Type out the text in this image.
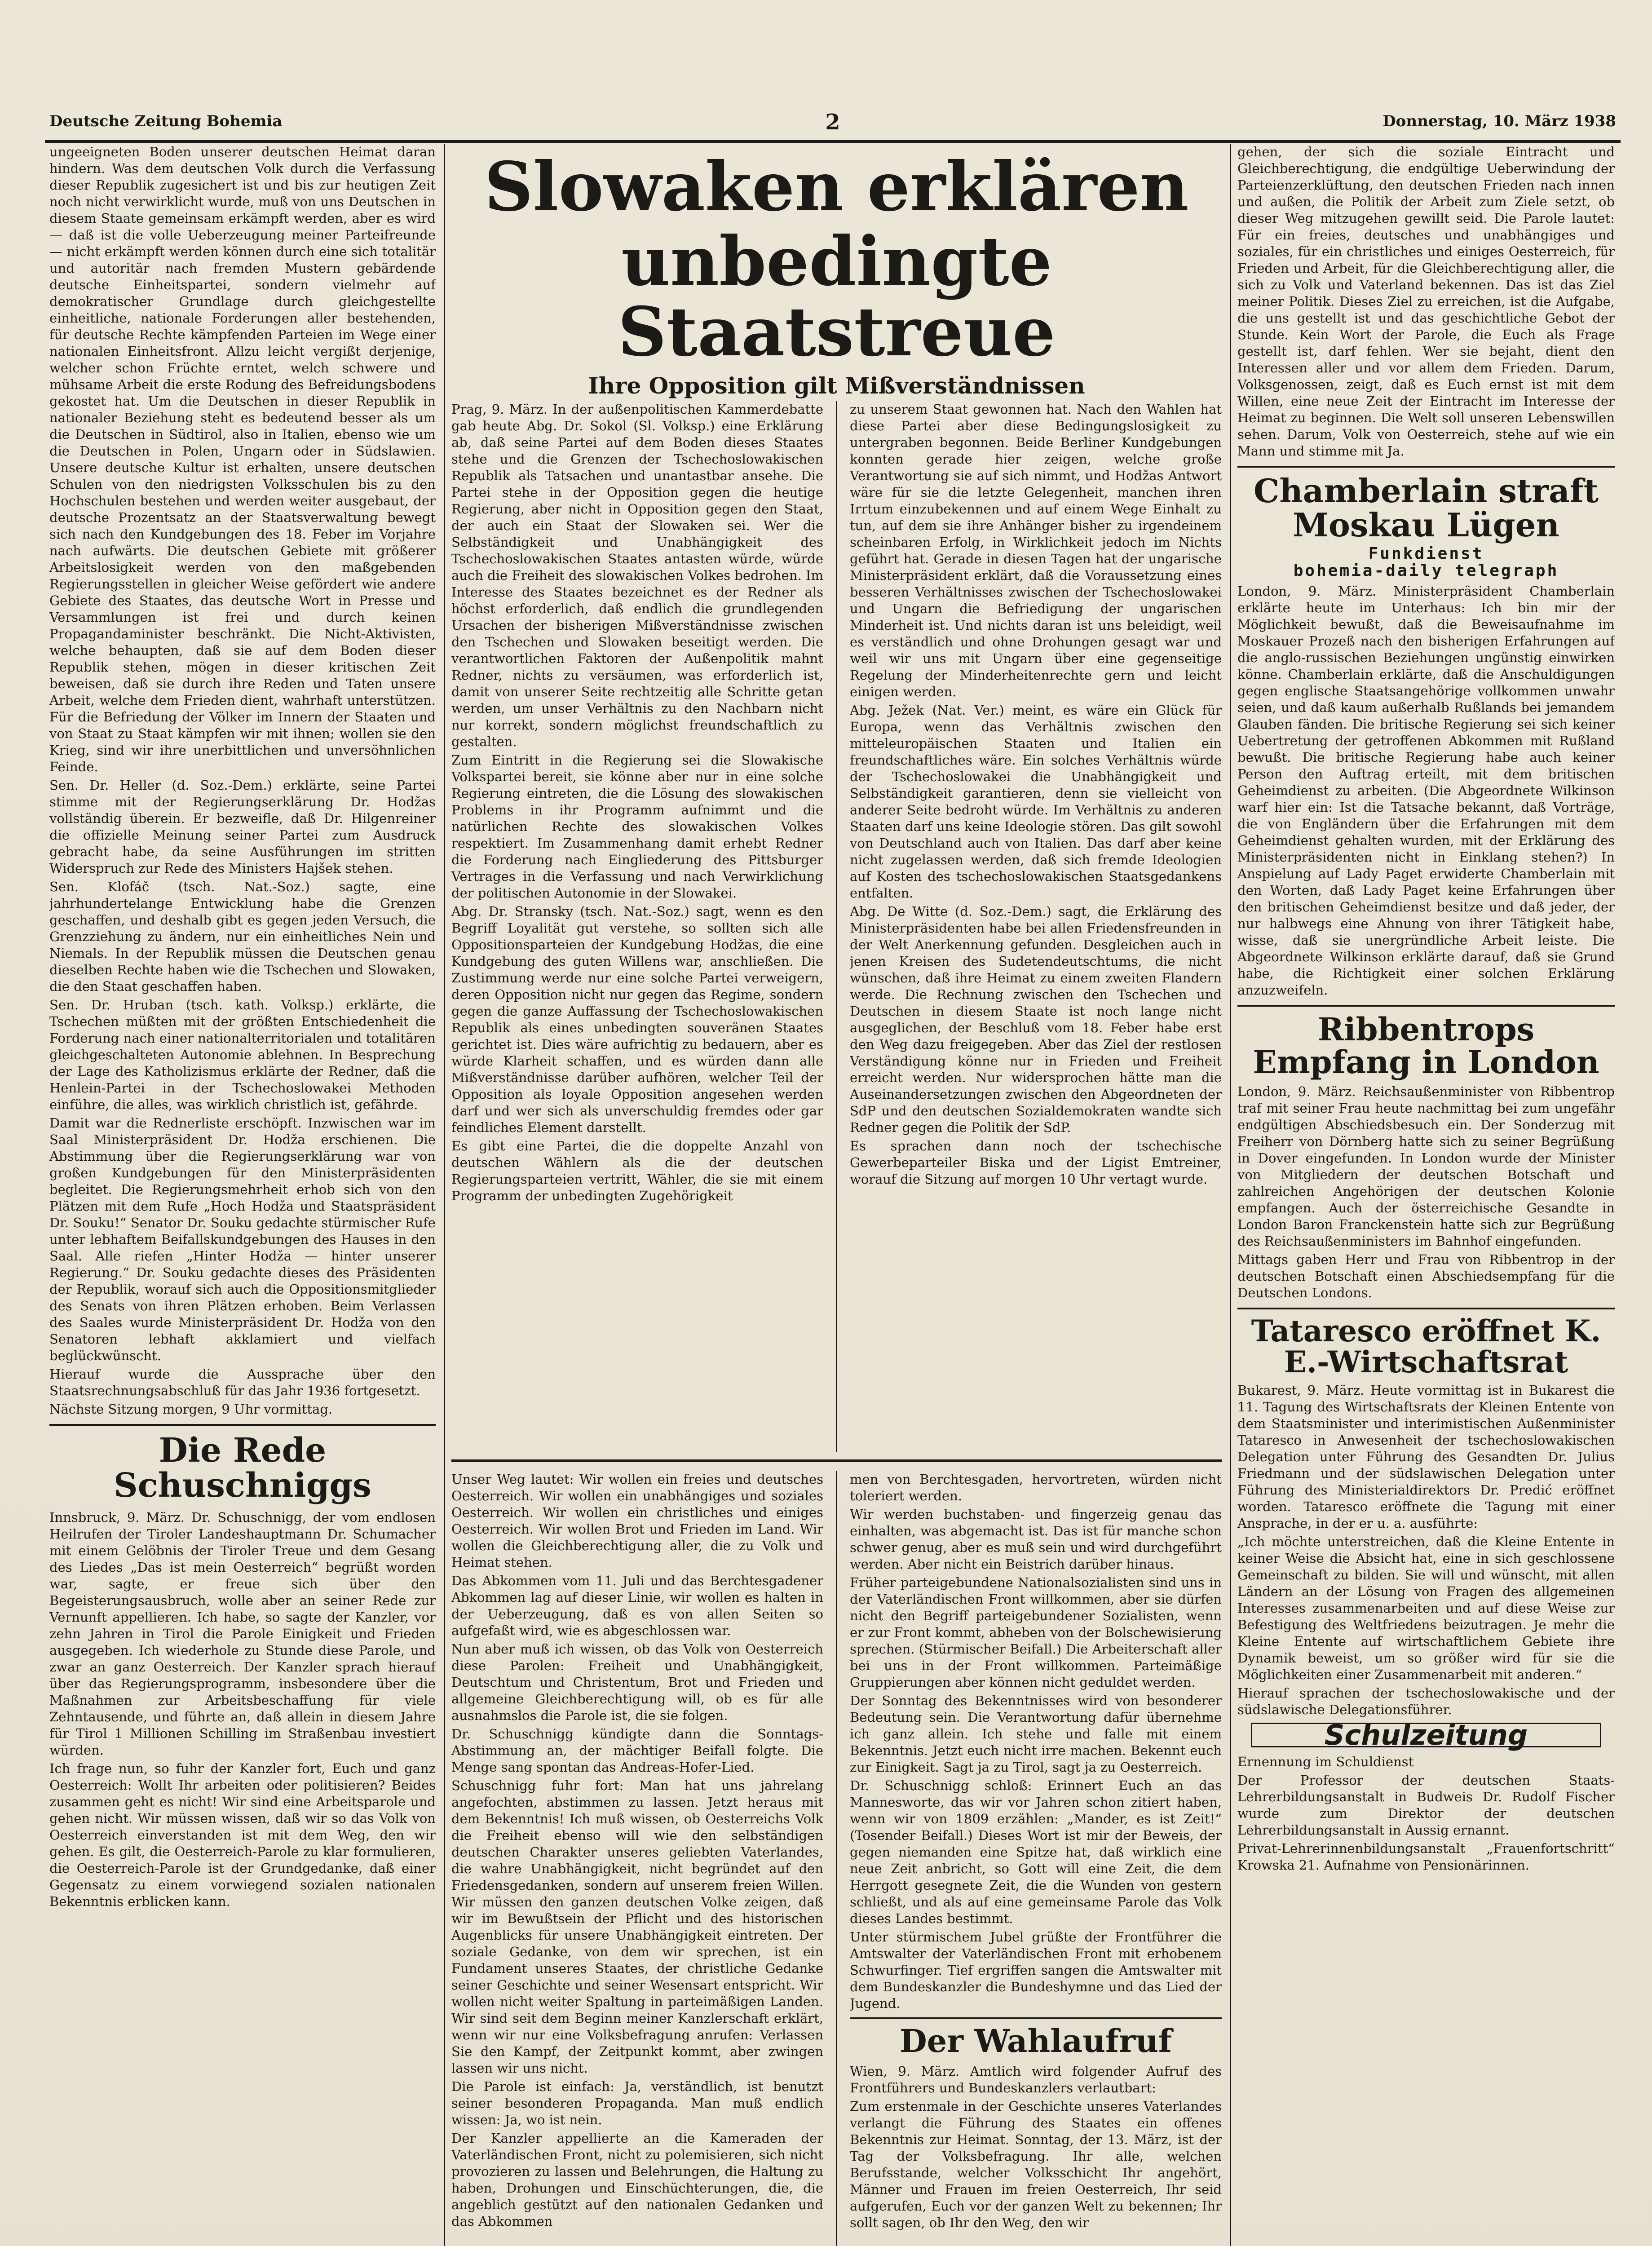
Deutsche Zeitung Bohemia	2	Donnerstag, 10. März 1938

ungeeigneten Boden unserer deutschen Heimat daran hindern. Was dem deutschen Volk durch die Verfassung dieser Republik zugesichert ist und bis zur heutigen Zeit noch nicht verwirklicht wurde, muß von uns Deutschen in diesem Staate gemeinsam erkämpft werden, aber es wird — daß ist die volle Ueberzeugung meiner Parteifreunde — nicht erkämpft werden können durch eine sich totalitär und autoritär nach fremden Mustern gebärdende deutsche Einheitspartei, sondern vielmehr auf demokratischer Grundlage durch gleichgestellte einheitliche, nationale Forderungen aller bestehenden, für deutsche Rechte kämpfenden Parteien im Wege einer nationalen Einheitsfront. Allzu leicht vergißt derjenige, welcher schon Früchte erntet, welch schwere und mühsame Arbeit die erste Rodung des Befreidungsbodens gekostet hat. Um die Deutschen in dieser Republik in nationaler Beziehung steht es bedeutend besser als um die Deutschen in Südtirol, also in Italien, ebenso wie um die Deutschen in Polen, Ungarn oder in Südslawien. Unsere deutsche Kultur ist erhalten, unsere deutschen Schulen von den niedrigsten Volksschulen bis zu den Hochschulen bestehen und werden weiter ausgebaut, der deutsche Prozentsatz an der Staatsverwaltung bewegt sich nach den Kundgebungen des 18. Feber im Vorjahre nach aufwärts. Die deutschen Gebiete mit größerer Arbeitslosigkeit werden von den maßgebenden Regierungsstellen in gleicher Weise gefördert wie andere Gebiete des Staates, das deutsche Wort in Presse und Versammlungen ist frei und durch keinen Propagandaminister beschränkt. Die Nicht-Aktivisten, welche behaupten, daß sie auf dem Boden dieser Republik stehen, mögen in dieser kritischen Zeit beweisen, daß sie durch ihre Reden und Taten unsere Arbeit, welche dem Frieden dient, wahrhaft unterstützen. Für die Befriedung der Völker im Innern der Staaten und von Staat zu Staat kämpfen wir mit ihnen; wollen sie den Krieg, sind wir ihre unerbittlichen und unversöhnlichen Feinde.

Sen. Dr. Heller (d. Soz.-Dem.) erklärte, seine Partei stimme mit der Regierungserklärung Dr. Hodžas vollständig überein. Er bezweifle, daß Dr. Hilgenreiner die offizielle Meinung seiner Partei zum Ausdruck gebracht habe, da seine Ausführungen im stritten Widerspruch zur Rede des Ministers Hajšek stehen.

Sen. Klofáč (tsch. Nat.-Soz.) sagte, eine jahrhundertelange Entwicklung habe die Grenzen geschaffen, und deshalb gibt es gegen jeden Versuch, die Grenzziehung zu ändern, nur ein einheitliches Nein und Niemals. In der Republik müssen die Deutschen genau dieselben Rechte haben wie die Tschechen und Slowaken, die den Staat geschaffen haben.

Sen. Dr. Hruban (tsch. kath. Volksp.) erklärte, die Tschechen müßten mit der größten Entschiedenheit die Forderung nach einer nationalterritorialen und totalitären gleichgeschalteten Autonomie ablehnen. In Besprechung der Lage des Katholizismus erklärte der Redner, daß die Henlein-Partei in der Tschechoslowakei Methoden einführe, die alles, was wirklich christlich ist, gefährde.

Damit war die Rednerliste erschöpft. Inzwischen war im Saal Ministerpräsident Dr. Hodža erschienen. Die Abstimmung über die Regierungserklärung war von großen Kundgebungen für den Ministerpräsidenten begleitet. Die Regierungsmehrheit erhob sich von den Plätzen mit dem Rufe „Hoch Hodža und Staatspräsident Dr. Souku!“ Senator Dr. Souku gedachte stürmischer Rufe unter lebhaftem Beifallskundgebungen des Hauses in den Saal. Alle riefen „Hinter Hodža — hinter unserer Regierung.“ Dr. Souku gedachte dieses des Präsidenten der Republik, worauf sich auch die Oppositionsmitglieder des Senats von ihren Plätzen erhoben. Beim Verlassen des Saales wurde Ministerpräsident Dr. Hodža von den Senatoren lebhaft akklamiert und vielfach beglückwünscht.

Hierauf wurde die Aussprache über den Staatsrechnungsabschluß für das Jahr 1936 fortgesetzt.

Nächste Sitzung morgen, 9 Uhr vormittag.

Die Rede Schuschniggs

Innsbruck, 9. März. Dr. Schuschnigg, der vom endlosen Heilrufen der Tiroler Landeshauptmann Dr. Schumacher mit einem Gelöbnis der Tiroler Treue und dem Gesang des Liedes „Das ist mein Oesterreich“ begrüßt worden war, sagte, er freue sich über den Begeisterungsausbruch, wolle aber an seiner Rede zur Vernunft appellieren. Ich habe, so sagte der Kanzler, vor zehn Jahren in Tirol die Parole Einigkeit und Frieden ausgegeben. Ich wiederhole zu Stunde diese Parole, und zwar an ganz Oesterreich. Der Kanzler sprach hierauf über das Regierungsprogramm, insbesondere über die Maßnahmen zur Arbeitsbeschaffung für viele Zehntausende, und führte an, daß allein in diesem Jahre für Tirol 1 Millionen Schilling im Straßenbau investiert würden.

Ich frage nun, so fuhr der Kanzler fort, Euch und ganz Oesterreich: Wollt Ihr arbeiten oder politisieren? Beides zusammen geht es nicht! Wir sind eine Arbeitsparole und gehen nicht. Wir müssen wissen, daß wir so das Volk von Oesterreich einverstanden ist mit dem Weg, den wir gehen. Es gilt, die Oesterreich-Parole zu klar formulieren, die Oesterreich-Parole ist der Grundgedanke, daß einer Gegensatz zu einem vorwiegend sozialen nationalen Bekenntnis erblicken kann.

Slowaken erklären
unbedingte Staatstreue
Ihre Opposition gilt Mißverständnissen

Prag, 9. März. In der außenpolitischen Kammerdebatte gab heute Abg. Dr. Sokol (Sl. Volksp.) eine Erklärung ab, daß seine Partei auf dem Boden dieses Staates stehe und die Grenzen der Tschechoslowakischen Republik als Tatsachen und unantastbar ansehe. Die Partei stehe in der Opposition gegen die heutige Regierung, aber nicht in Opposition gegen den Staat, der auch ein Staat der Slowaken sei. Wer die Selbständigkeit und Unabhängigkeit des Tschechoslowakischen Staates antasten würde, würde auch die Freiheit des slowakischen Volkes bedrohen. Im Interesse des Staates bezeichnet es der Redner als höchst erforderlich, daß endlich die grundlegenden Ursachen der bisherigen Mißverständnisse zwischen den Tschechen und Slowaken beseitigt werden. Die verantwortlichen Faktoren der Außenpolitik mahnt Redner, nichts zu versäumen, was erforderlich ist, damit von unserer Seite rechtzeitig alle Schritte getan werden, um unser Verhältnis zu den Nachbarn nicht nur korrekt, sondern möglichst freundschaftlich zu gestalten.

Zum Eintritt in die Regierung sei die Slowakische Volkspartei bereit, sie könne aber nur in eine solche Regierung eintreten, die die Lösung des slowakischen Problems in ihr Programm aufnimmt und die natürlichen Rechte des slowakischen Volkes respektiert. Im Zusammenhang damit erhebt Redner die Forderung nach Eingliederung des Pittsburger Vertrages in die Verfassung und nach Verwirklichung der politischen Autonomie in der Slowakei.

Abg. Dr. Stransky (tsch. Nat.-Soz.) sagt, wenn es den Begriff Loyalität gut verstehe, so sollten sich alle Oppositionsparteien der Kundgebung Hodžas, die eine Kundgebung des guten Willens war, anschließen. Die Zustimmung werde nur eine solche Partei verweigern, deren Opposition nicht nur gegen das Regime, sondern gegen die ganze Auffassung der Tschechoslowakischen Republik als eines unbedingten souveränen Staates gerichtet ist. Dies wäre aufrichtig zu bedauern, aber es würde Klarheit schaffen, und es würden dann alle Mißverständnisse darüber aufhören, welcher Teil der Opposition als loyale Opposition angesehen werden darf und wer sich als unverschuldig fremdes oder gar feindliches Element darstellt.

Es gibt eine Partei, die die doppelte Anzahl von deutschen Wählern als die der deutschen Regierungsparteien vertritt, Wähler, die sie mit einem Programm der unbedingten Zugehörigkeit

zu unserem Staat gewonnen hat. Nach den Wahlen hat diese Partei aber diese Bedingungslosigkeit zu untergraben begonnen. Beide Berliner Kundgebungen konnten gerade hier zeigen, welche große Verantwortung sie auf sich nimmt, und Hodžas Antwort wäre für sie die letzte Gelegenheit, manchen ihren Irrtum einzubekennen und auf einem Wege Einhalt zu tun, auf dem sie ihre Anhänger bisher zu irgendeinem scheinbaren Erfolg, in Wirklichkeit jedoch im Nichts geführt hat. Gerade in diesen Tagen hat der ungarische Ministerpräsident erklärt, daß die Voraussetzung eines besseren Verhältnisses zwischen der Tschechoslowakei und Ungarn die Befriedigung der ungarischen Minderheit ist. Und nichts daran ist uns beleidigt, weil es verständlich und ohne Drohungen gesagt war und weil wir uns mit Ungarn über eine gegenseitige Regelung der Minderheitenrechte gern und leicht einigen werden.

Abg. Ježek (Nat. Ver.) meint, es wäre ein Glück für Europa, wenn das Verhältnis zwischen den mitteleuropäischen Staaten und Italien ein freundschaftliches wäre. Ein solches Verhältnis würde der Tschechoslowakei die Unabhängigkeit und Selbständigkeit garantieren, denn sie vielleicht von anderer Seite bedroht würde. Im Verhältnis zu anderen Staaten darf uns keine Ideologie stören. Das gilt sowohl von Deutschland auch von Italien. Das darf aber keine nicht zugelassen werden, daß sich fremde Ideologien auf Kosten des tschechoslowakischen Staatsgedankens entfalten.

Abg. De Witte (d. Soz.-Dem.) sagt, die Erklärung des Ministerpräsidenten habe bei allen Friedensfreunden in der Welt Anerkennung gefunden. Desgleichen auch in jenen Kreisen des Sudetendeutschtums, die nicht wünschen, daß ihre Heimat zu einem zweiten Flandern werde. Die Rechnung zwischen den Tschechen und Deutschen in diesem Staate ist noch lange nicht ausgeglichen, der Beschluß vom 18. Feber habe erst den Weg dazu freigegeben. Aber das Ziel der restlosen Verständigung könne nur in Frieden und Freiheit erreicht werden. Nur widersprochen hätte man die Auseinandersetzungen zwischen den Abgeordneten der SdP und den deutschen Sozialdemokraten wandte sich Redner gegen die Politik der SdP.

Es sprachen dann noch der tschechische Gewerbeparteiler Biska und der Ligist Emtreiner, worauf die Sitzung auf morgen 10 Uhr vertagt wurde.

Unser Weg lautet: Wir wollen ein freies und deutsches Oesterreich. Wir wollen ein unabhängiges und soziales Oesterreich. Wir wollen ein christliches und einiges Oesterreich. Wir wollen Brot und Frieden im Land. Wir wollen die Gleichberechtigung aller, die zu Volk und Heimat stehen.

Das Abkommen vom 11. Juli und das Berchtesgadener Abkommen lag auf dieser Linie, wir wollen es halten in der Ueberzeugung, daß es von allen Seiten so aufgefaßt wird, wie es abgeschlossen war.

Nun aber muß ich wissen, ob das Volk von Oesterreich diese Parolen: Freiheit und Unabhängigkeit, Deutschtum und Christentum, Brot und Frieden und allgemeine Gleichberechtigung will, ob es für alle ausnahmslos die Parole ist, die sie folgen.

Dr. Schuschnigg kündigte dann die Sonntags-Abstimmung an, der mächtiger Beifall folgte. Die Menge sang spontan das Andreas-Hofer-Lied.

Schuschnigg fuhr fort: Man hat uns jahrelang angefochten, abstimmen zu lassen. Jetzt heraus mit dem Bekenntnis! Ich muß wissen, ob Oesterreichs Volk die Freiheit ebenso will wie den selbständigen deutschen Charakter unseres geliebten Vaterlandes, die wahre Unabhängigkeit, nicht begründet auf den Friedensgedanken, sondern auf unserem freien Willen. Wir müssen den ganzen deutschen Volke zeigen, daß wir im Bewußtsein der Pflicht und des historischen Augenblicks für unsere Unabhängigkeit eintreten. Der soziale Gedanke, von dem wir sprechen, ist ein Fundament unseres Staates, der christliche Gedanke seiner Geschichte und seiner Wesensart entspricht. Wir wollen nicht weiter Spaltung in parteimäßigen Landen. Wir sind seit dem Beginn meiner Kanzlerschaft erklärt, wenn wir nur eine Volksbefragung anrufen: Verlassen Sie den Kampf, der Zeitpunkt kommt, aber zwingen lassen wir uns nicht.

Die Parole ist einfach: Ja, verständlich, ist benutzt seiner besonderen Propaganda. Man muß endlich wissen: Ja, wo ist nein.

Der Kanzler appellierte an die Kameraden der Vaterländischen Front, nicht zu polemisieren, sich nicht provozieren zu lassen und Belehrungen, die Haltung zu haben, Drohungen und Einschüchterungen, die, die angeblich gestützt auf den nationalen Gedanken und das Abkommen

men von Berchtesgaden, hervortreten, würden nicht toleriert werden.

Wir werden buchstaben- und fingerzeig genau das einhalten, was abgemacht ist. Das ist für manche schon schwer genug, aber es muß sein und wird durchgeführt werden. Aber nicht ein Beistrich darüber hinaus.

Früher parteigebundene Nationalsozialisten sind uns in der Vaterländischen Front willkommen, aber sie dürfen nicht den Begriff parteigebundener Sozialisten, wenn er zur Front kommt, abheben von der Bolschewisierung sprechen. (Stürmischer Beifall.) Die Arbeiterschaft aller bei uns in der Front willkommen. Parteimäßige Gruppierungen aber können nicht geduldet werden.

Der Sonntag des Bekenntnisses wird von besonderer Bedeutung sein. Die Verantwortung dafür übernehme ich ganz allein. Ich stehe und falle mit einem Bekenntnis. Jetzt euch nicht irre machen. Bekennt euch zur Einigkeit. Sagt ja zu Tirol, sagt ja zu Oesterreich.

Dr. Schuschnigg schloß: Erinnert Euch an das Mannesworte, das wir vor Jahren schon zitiert haben, wenn wir von 1809 erzählen: „Mander, es ist Zeit!“ (Tosender Beifall.) Dieses Wort ist mir der Beweis, der gegen niemanden eine Spitze hat, daß wirklich eine neue Zeit anbricht, so Gott will eine Zeit, die dem Herrgott gesegnete Zeit, die die Wunden von gestern schließt, und als auf eine gemeinsame Parole das Volk dieses Landes bestimmt.

Unter stürmischem Jubel grüßte der Frontführer die Amtswalter der Vaterländischen Front mit erhobenem Schwurfinger. Tief ergriffen sangen die Amtswalter mit dem Bundeskanzler die Bundeshymne und das Lied der Jugend.

Der Wahlaufruf

Wien, 9. März. Amtlich wird folgender Aufruf des Frontführers und Bundeskanzlers verlautbart:

Zum erstenmale in der Geschichte unseres Vaterlandes verlangt die Führung des Staates ein offenes Bekenntnis zur Heimat. Sonntag, der 13. März, ist der Tag der Volksbefragung. Ihr alle, welchen Berufsstande, welcher Volksschicht Ihr angehört, Männer und Frauen im freien Oesterreich, Ihr seid aufgerufen, Euch vor der ganzen Welt zu bekennen; Ihr sollt sagen, ob Ihr den Weg, den wir

gehen, der sich die soziale Eintracht und Gleichberechtigung, die endgültige Ueberwindung der Parteienzerklüftung, den deutschen Frieden nach innen und außen, die Politik der Arbeit zum Ziele setzt, ob dieser Weg mitzugehen gewillt seid. Die Parole lautet: Für ein freies, deutsches und unabhängiges und soziales, für ein christliches und einiges Oesterreich, für Frieden und Arbeit, für die Gleichberechtigung aller, die sich zu Volk und Vaterland bekennen. Das ist das Ziel meiner Politik. Dieses Ziel zu erreichen, ist die Aufgabe, die uns gestellt ist und das geschichtliche Gebot der Stunde. Kein Wort der Parole, die Euch als Frage gestellt ist, darf fehlen. Wer sie bejaht, dient den Interessen aller und vor allem dem Frieden. Darum, Volksgenossen, zeigt, daß es Euch ernst ist mit dem Willen, eine neue Zeit der Eintracht im Interesse der Heimat zu beginnen. Die Welt soll unseren Lebenswillen sehen. Darum, Volk von Oesterreich, stehe auf wie ein Mann und stimme mit Ja.

Chamberlain straft Moskau Lügen
Funkdienst
bohemia-daily telegraph

London, 9. März. Ministerpräsident Chamberlain erklärte heute im Unterhaus: Ich bin mir der Möglichkeit bewußt, daß die Beweisaufnahme im Moskauer Prozeß nach den bisherigen Erfahrungen auf die anglo-russischen Beziehungen ungünstig einwirken könne. Chamberlain erklärte, daß die Anschuldigungen gegen englische Staatsangehörige vollkommen unwahr seien, und daß kaum außerhalb Rußlands bei jemandem Glauben fänden. Die britische Regierung sei sich keiner Uebertretung der getroffenen Abkommen mit Rußland bewußt. Die britische Regierung habe auch keiner Person den Auftrag erteilt, mit dem britischen Geheimdienst zu arbeiten. (Die Abgeordnete Wilkinson warf hier ein: Ist die Tatsache bekannt, daß Vorträge, die von Engländern über die Erfahrungen mit dem Geheimdienst gehalten wurden, mit der Erklärung des Ministerpräsidenten nicht in Einklang stehen?) In Anspielung auf Lady Paget erwiderte Chamberlain mit den Worten, daß Lady Paget keine Erfahrungen über den britischen Geheimdienst besitze und daß jeder, der nur halbwegs eine Ahnung von ihrer Tätigkeit habe, wisse, daß sie unergründliche Arbeit leiste. Die Abgeordnete Wilkinson erklärte darauf, daß sie Grund habe, die Richtigkeit einer solchen Erklärung anzuzweifeln.

Ribbentrops Empfang in London

London, 9. März. Reichsaußenminister von Ribbentrop traf mit seiner Frau heute nachmittag bei zum ungefähr endgültigen Abschiedsbesuch ein. Der Sonderzug mit Freiherr von Dörnberg hatte sich zu seiner Begrüßung in Dover eingefunden. In London wurde der Minister von Mitgliedern der deutschen Botschaft und zahlreichen Angehörigen der deutschen Kolonie empfangen. Auch der österreichische Gesandte in London Baron Franckenstein hatte sich zur Begrüßung des Reichsaußenministers im Bahnhof eingefunden.

Mittags gaben Herr und Frau von Ribbentrop in der deutschen Botschaft einen Abschiedsempfang für die Deutschen Londons.

Tataresco eröffnet K. E.-Wirtschaftsrat

Bukarest, 9. März. Heute vormittag ist in Bukarest die 11. Tagung des Wirtschaftsrats der Kleinen Entente von dem Staatsminister und interimistischen Außenminister Tataresco in Anwesenheit der tschechoslowakischen Delegation unter Führung des Gesandten Dr. Julius Friedmann und der südslawischen Delegation unter Führung des Ministerialdirektors Dr. Predić eröffnet worden. Tataresco eröffnete die Tagung mit einer Ansprache, in der er u. a. ausführte:

„Ich möchte unterstreichen, daß die Kleine Entente in keiner Weise die Absicht hat, eine in sich geschlossene Gemeinschaft zu bilden. Sie will und wünscht, mit allen Ländern an der Lösung von Fragen des allgemeinen Interesses zusammenarbeiten und auf diese Weise zur Befestigung des Weltfriedens beizutragen. Je mehr die Kleine Entente auf wirtschaftlichem Gebiete ihre Dynamik beweist, um so größer wird für sie die Möglichkeiten einer Zusammenarbeit mit anderen.“

Hierauf sprachen der tschechoslowakische und der südslawische Delegationsführer.

Schulzeitung

Ernennung im Schuldienst

Der Professor der deutschen Staats-Lehrerbildungsanstalt in Budweis Dr. Rudolf Fischer wurde zum Direktor der deutschen Lehrerbildungsanstalt in Aussig ernannt.

Privat-Lehrerinnenbildungsanstalt „Frauenfortschritt“ Krowska 21. Aufnahme von Pensionärinnen.
